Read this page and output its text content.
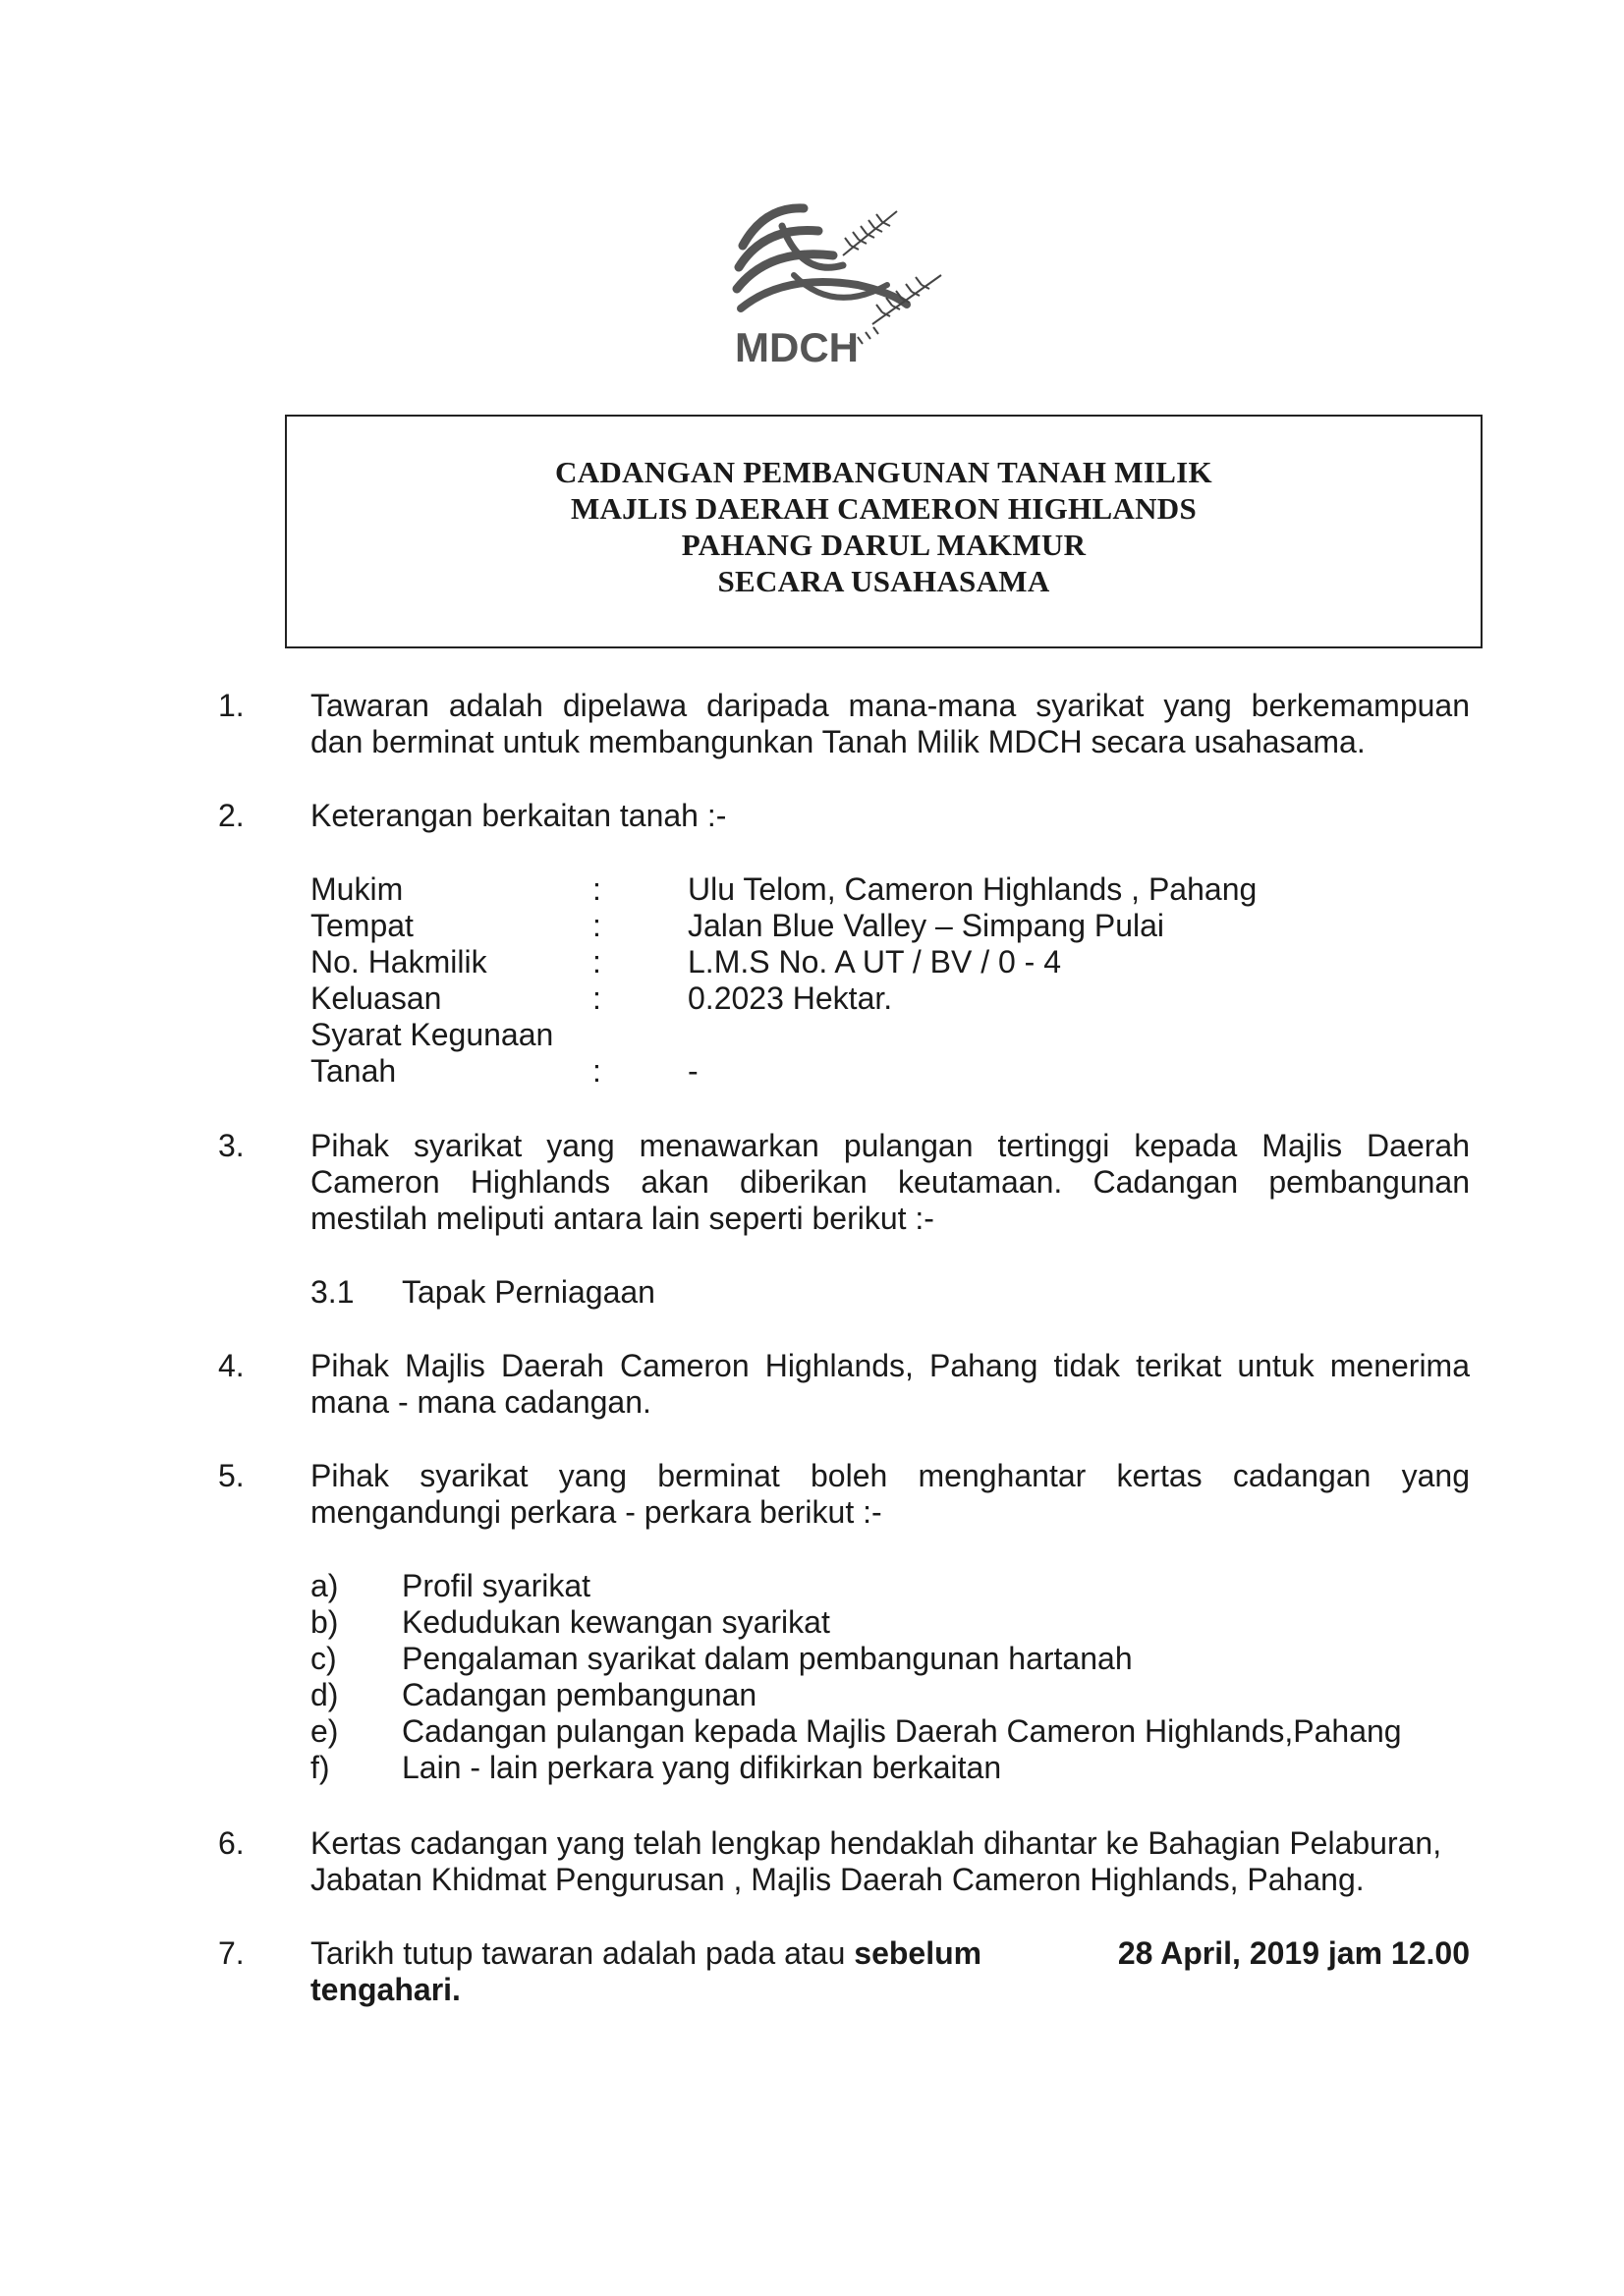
MDCH
CADANGAN PEMBANGUNAN TANAH MILIK
MAJLIS DAERAH CAMERON HIGHLANDS
PAHANG DARUL MAKMUR
SECARA USAHASAMA
1. Tawaran adalah dipelawa daripada mana-mana syarikat yang berkemampuan
dan berminat untuk membangunkan Tanah Milik MDCH secara usahasama.
2. Keterangan berkaitan tanah :-
Mukim	:	Ulu Telom, Cameron Highlands , Pahang
Tempat	:	Jalan Blue Valley – Simpang Pulai
No. Hakmilik	:	L.M.S No. A UT / BV / 0 - 4
Keluasan	:	0.2023 Hektar.
Syarat Kegunaan
Tanah	:	-
3. Pihak syarikat yang menawarkan pulangan tertinggi kepada Majlis Daerah
Cameron Highlands akan diberikan keutamaan. Cadangan pembangunan
mestilah meliputi antara lain seperti berikut :-
3.1 Tapak Perniagaan
4. Pihak Majlis Daerah Cameron Highlands, Pahang tidak terikat untuk menerima
mana - mana cadangan.
5. Pihak syarikat yang berminat boleh menghantar kertas cadangan yang
mengandungi perkara - perkara berikut :-
a) Profil syarikat
b) Kedudukan kewangan syarikat
c) Pengalaman syarikat dalam pembangunan hartanah
d) Cadangan pembangunan
e) Cadangan pulangan kepada Majlis Daerah Cameron Highlands,Pahang
f) Lain - lain perkara yang difikirkan berkaitan
6. Kertas cadangan yang telah lengkap hendaklah dihantar ke Bahagian Pelaburan,
Jabatan Khidmat Pengurusan , Majlis Daerah Cameron Highlands, Pahang.
7. Tarikh tutup tawaran adalah pada atau sebelum	28 April, 2019 jam 12.00
tengahari.
